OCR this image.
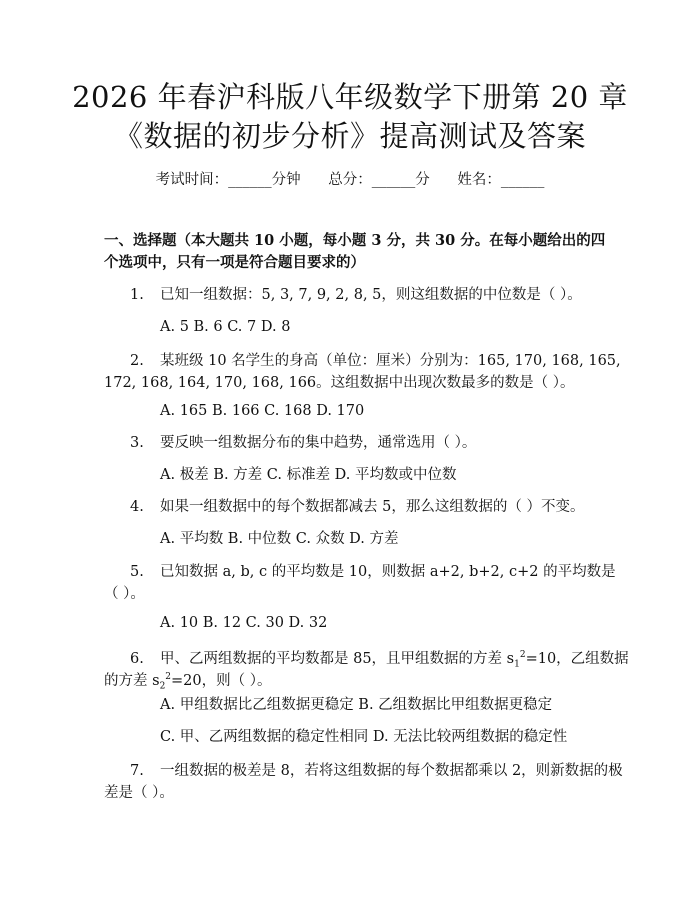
2026 年春沪科版八年级数学下册第 20 章
《数据的初步分析》提高测试及答案
考试时间：______分钟      总分：______分      姓名：______
一、选择题（本大题共 10 小题，每小题 3 分，共 30 分。在每小题给出的四个选项中，只有一项是符合题目要求的）
1. 已知一组数据：5, 3, 7, 9, 2, 8, 5，则这组数据的中位数是（ ）。
A. 5 B. 6 C. 7 D. 8
2. 某班级 10 名学生的身高（单位：厘米）分别为：165, 170, 168, 165,
172, 168, 164, 170, 168, 166。这组数据中出现次数最多的数是（ ）。
A. 165 B. 166 C. 168 D. 170
3. 要反映一组数据分布的集中趋势，通常选用（ ）。
A. 极差 B. 方差 C. 标准差 D. 平均数或中位数
4. 如果一组数据中的每个数据都减去 5，那么这组数据的（ ）不变。
A. 平均数 B. 中位数 C. 众数 D. 方差
5. 已知数据 a, b, c 的平均数是 10，则数据 a+2, b+2, c+2 的平均数是
（ ）。
A. 10 B. 12 C. 30 D. 32
6. 甲、乙两组数据的平均数都是 85，且甲组数据的方差 $s_1^2=10$，乙组数据
的方差 $s_2^2=20$，则（ ）。
A. 甲组数据比乙组数据更稳定 B. 乙组数据比甲组数据更稳定
C. 甲、乙两组数据的稳定性相同 D. 无法比较两组数据的稳定性
7. 一组数据的极差是 8，若将这组数据的每个数据都乘以 2，则新数据的极
差是（ ）。
